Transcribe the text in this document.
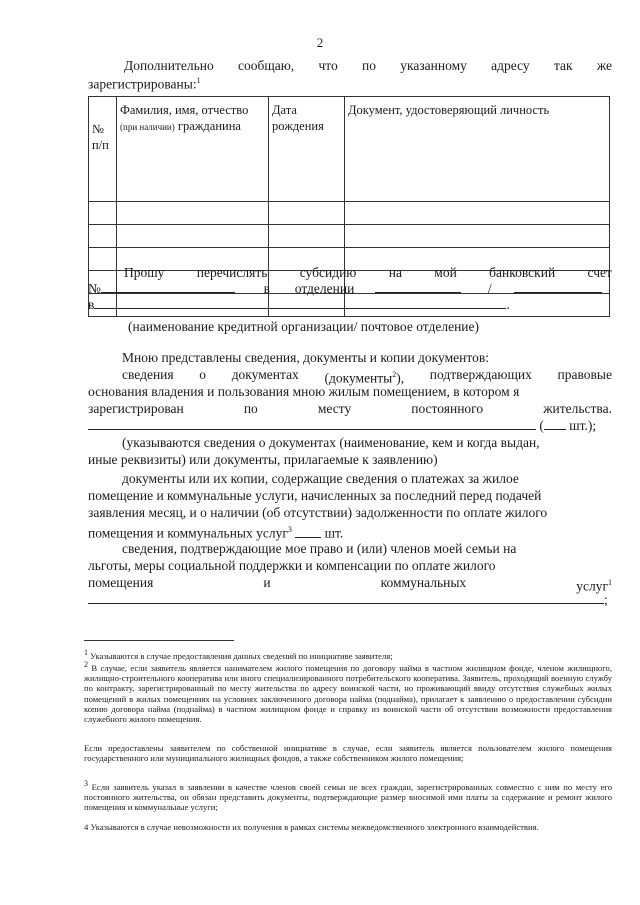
2
Дополнительно сообщаю, что по указанному адресу так же
зарегистрированы:$^1$
№ п/п	Фамилия, имя, отчество (при наличии) гражданина	Дата рождения	Документ, удостоверяющий личность

Прошу перечислять субсидию на мой банковский счет
№	в отделении	/
в	.
(наименование кредитной организации/ почтовое отделение)
Мною представлены сведения, документы и копии документов:
сведения о документах (документы$^2$), подтверждающих правовые
основания владения и пользования мною жилым помещением, в котором я
зарегистрирован	по	месту	постоянного	жительства.
( шт.);
(указываются сведения о документах (наименование, кем и когда выдан,
иные реквизиты) или документы, прилагаемые к заявлению)
документы или их копии, содержащие сведения о платежах за жилое
помещение и коммунальные услуги, начисленных за последний перед подачей
заявления месяц, и о наличии (об отсутствии) задолженности по оплате жилого
помещения и коммунальных услуг$^3$ шт.
сведения, подтверждающие мое право и (или) членов моей семьи на
льготы, меры социальной поддержки и компенсации по оплате жилого
помещения	и	коммунальных	услуг$^1$
;
$^1$ Указываются в случае предоставления данных сведений по инициативе заявителя;
$^2$ В случае, если заявитель является нанимателем жилого помещения по договору найма в частном жилищном фонде, членом жилищного, жилищно-строительного кооператива или иного специализированного потребительского кооператива. Заявитель, проходящий военную службу по контракту, зарегистрированный по месту жительства по адресу воинской части, но проживающий ввиду отсутствия служебных жилых помещений в жилых помещениях на условиях заключенного договора найма (поднайма), прилагает к заявлению о предоставлении субсидии копию договора найма (поднайма) в частном жилищном фонде и справку из воинской части об отсутствии возможности предоставления служебного жилого помещения.
Если предоставлены заявителем по собственной инициативе в случае, если заявитель является пользователем жилого помещения государственного или муниципального жилищных фондов, а также собственником жилого помещения;
$^3$ Если заявитель указал в заявлении в качестве членов своей семьи не всех граждан, зарегистрированных совместно с ним по месту его постоянного жительства, он обязан представить документы, подтверждающие размер вносимой ими платы за содержание и ремонт жилого помещения и коммунальные услуги;
4 Указываются в случае невозможности их получения в рамках системы межведомственного электронного взаимодействия.
